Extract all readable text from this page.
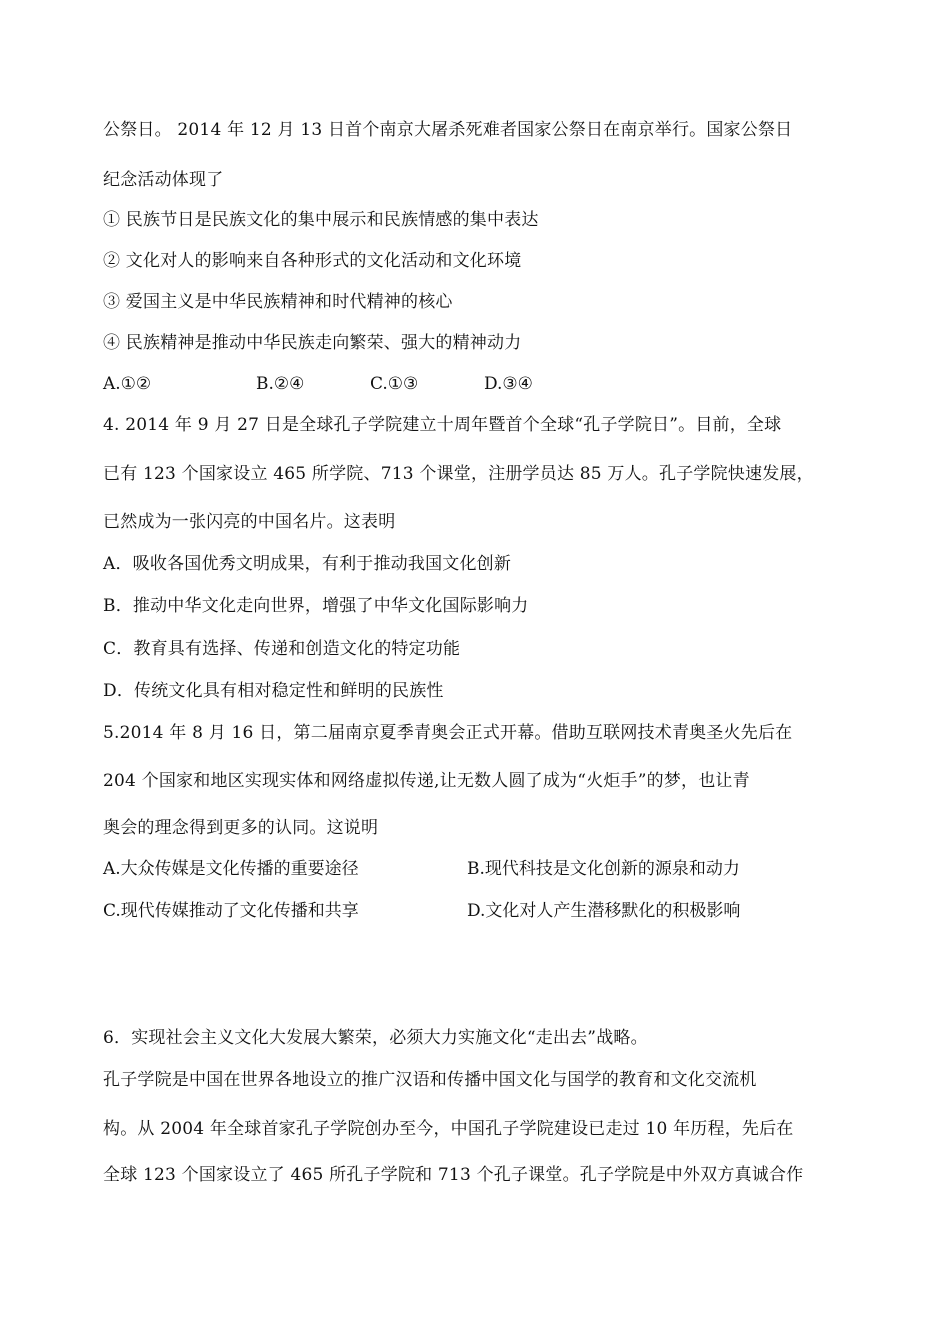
公祭日。 2014 年 12 月 13 日首个南京大屠杀死难者国家公祭日在南京举行。国家公祭日
纪念活动体现了
① 民族节日是民族文化的集中展示和民族情感的集中表达
② 文化对人的影响来自各种形式的文化活动和文化环境
③ 爱国主义是中华民族精神和时代精神的核心
④ 民族精神是推动中华民族走向繁荣、强大的精神动力
A.①②	B.②④	C.①③	D.③④
4. 2014 年 9 月 27 日是全球孔子学院建立十周年暨首个全球“孔子学院日”。目前，全球
已有 123 个国家设立 465 所学院、713 个课堂，注册学员达 85 万人。孔子学院快速发展，
已然成为一张闪亮的中国名片。这表明
A．吸收各国优秀文明成果，有利于推动我国文化创新
B．推动中华文化走向世界，增强了中华文化国际影响力
C．教育具有选择、传递和创造文化的特定功能
D．传统文化具有相对稳定性和鲜明的民族性
5.2014 年 8 月 16 日，第二届南京夏季青奥会正式开幕。借助互联网技术青奥圣火先后在
204 个国家和地区实现实体和网络虚拟传递,让无数人圆了成为“火炬手”的梦，也让青
奥会的理念得到更多的认同。这说明
A.大众传媒是文化传播的重要途径	B.现代科技是文化创新的源泉和动力
C.现代传媒推动了文化传播和共享	D.文化对人产生潜移默化的积极影响
6．实现社会主义文化大发展大繁荣，必须大力实施文化“走出去”战略。
孔子学院是中国在世界各地设立的推广汉语和传播中国文化与国学的教育和文化交流机
构。从 2004 年全球首家孔子学院创办至今，中国孔子学院建设已走过 10 年历程，先后在
全球 123 个国家设立了 465 所孔子学院和 713 个孔子课堂。孔子学院是中外双方真诚合作
